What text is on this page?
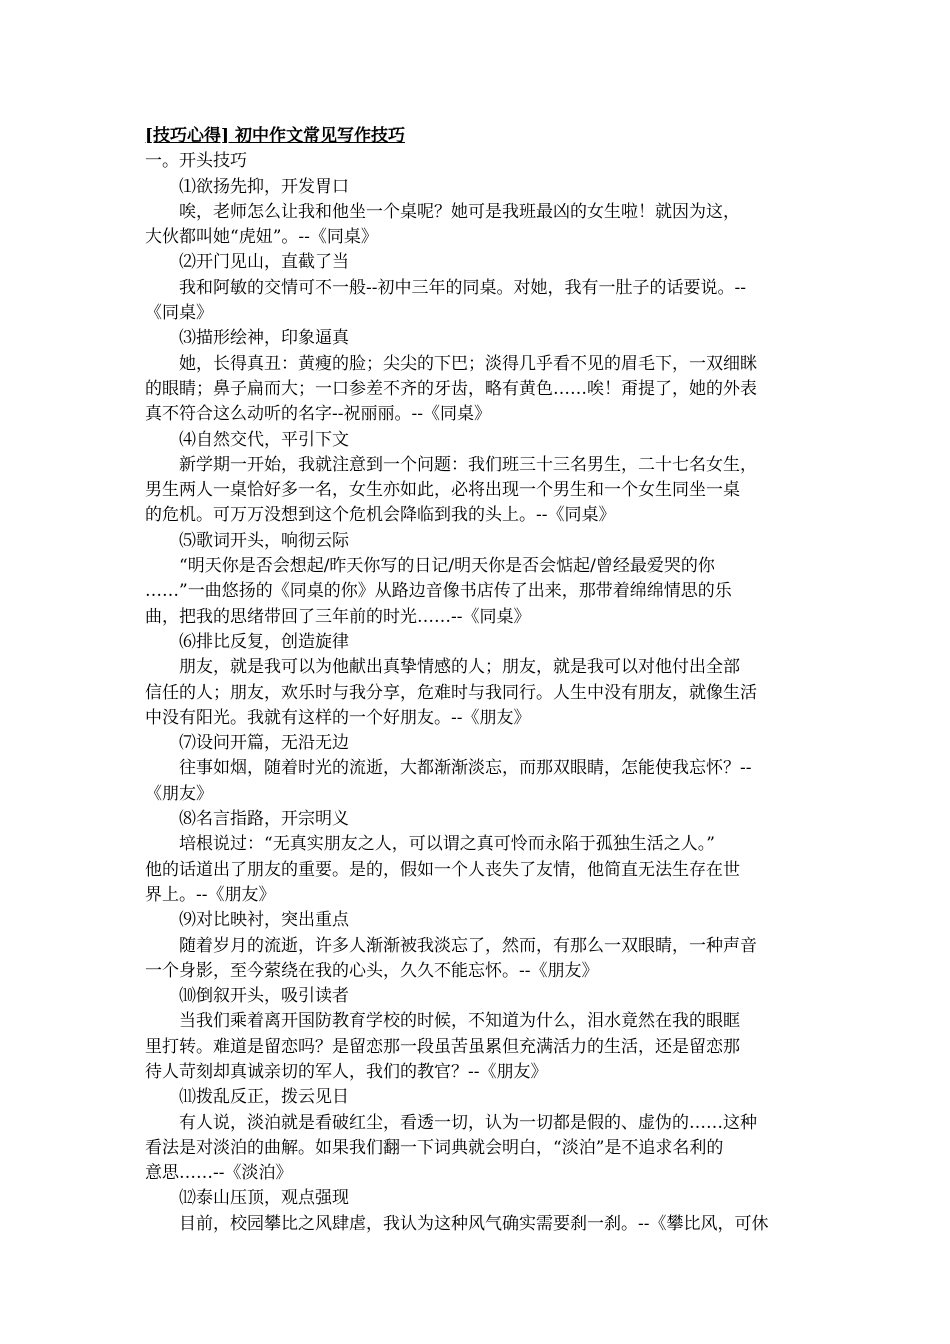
[技巧心得] 初中作文常见写作技巧
一。开头技巧
⑴欲扬先抑，开发胃口
唉，老师怎么让我和他坐一个桌呢？她可是我班最凶的女生啦！就因为这，
大伙都叫她“虎妞”。--《同桌》
⑵开门见山，直截了当
我和阿敏的交情可不一般--初中三年的同桌。对她，我有一肚子的话要说。--
《同桌》
⑶描形绘神，印象逼真
她，长得真丑：黄瘦的脸；尖尖的下巴；淡得几乎看不见的眉毛下，一双细眯
的眼睛；鼻子扁而大；一口参差不齐的牙齿，略有黄色……唉！甭提了，她的外表
真不符合这么动听的名字--祝丽丽。--《同桌》
⑷自然交代，平引下文
新学期一开始，我就注意到一个问题：我们班三十三名男生，二十七名女生，
男生两人一桌恰好多一名，女生亦如此，必将出现一个男生和一个女生同坐一桌
的危机。可万万没想到这个危机会降临到我的头上。--《同桌》
⑸歌词开头，响彻云际
“明天你是否会想起/昨天你写的日记/明天你是否会惦起/曾经最爱哭的你
……”一曲悠扬的《同桌的你》从路边音像书店传了出来，那带着绵绵情思的乐
曲，把我的思绪带回了三年前的时光……--《同桌》
⑹排比反复，创造旋律
朋友，就是我可以为他献出真挚情感的人；朋友，就是我可以对他付出全部
信任的人；朋友，欢乐时与我分享，危难时与我同行。人生中没有朋友，就像生活
中没有阳光。我就有这样的一个好朋友。--《朋友》
⑺设问开篇，无沿无边
往事如烟，随着时光的流逝，大都渐渐淡忘，而那双眼睛，怎能使我忘怀？--
《朋友》
⑻名言指路，开宗明义
培根说过：“无真实朋友之人，可以谓之真可怜而永陷于孤独生活之人。”
他的话道出了朋友的重要。是的，假如一个人丧失了友情，他简直无法生存在世
界上。--《朋友》
⑼对比映衬，突出重点
随着岁月的流逝，许多人渐渐被我淡忘了，然而，有那么一双眼睛，一种声音
一个身影，至今萦绕在我的心头，久久不能忘怀。--《朋友》
⑽倒叙开头，吸引读者
当我们乘着离开国防教育学校的时候，不知道为什么，泪水竟然在我的眼眶
里打转。难道是留恋吗？是留恋那一段虽苦虽累但充满活力的生活，还是留恋那
待人苛刻却真诚亲切的军人，我们的教官？--《朋友》
⑾拨乱反正，拨云见日
有人说，淡泊就是看破红尘，看透一切，认为一切都是假的、虚伪的……这种
看法是对淡泊的曲解。如果我们翻一下词典就会明白，“淡泊”是不追求名利的
意思……--《淡泊》
⑿泰山压顶，观点强现
目前，校园攀比之风肆虐，我认为这种风气确实需要刹一刹。--《攀比风，可休
